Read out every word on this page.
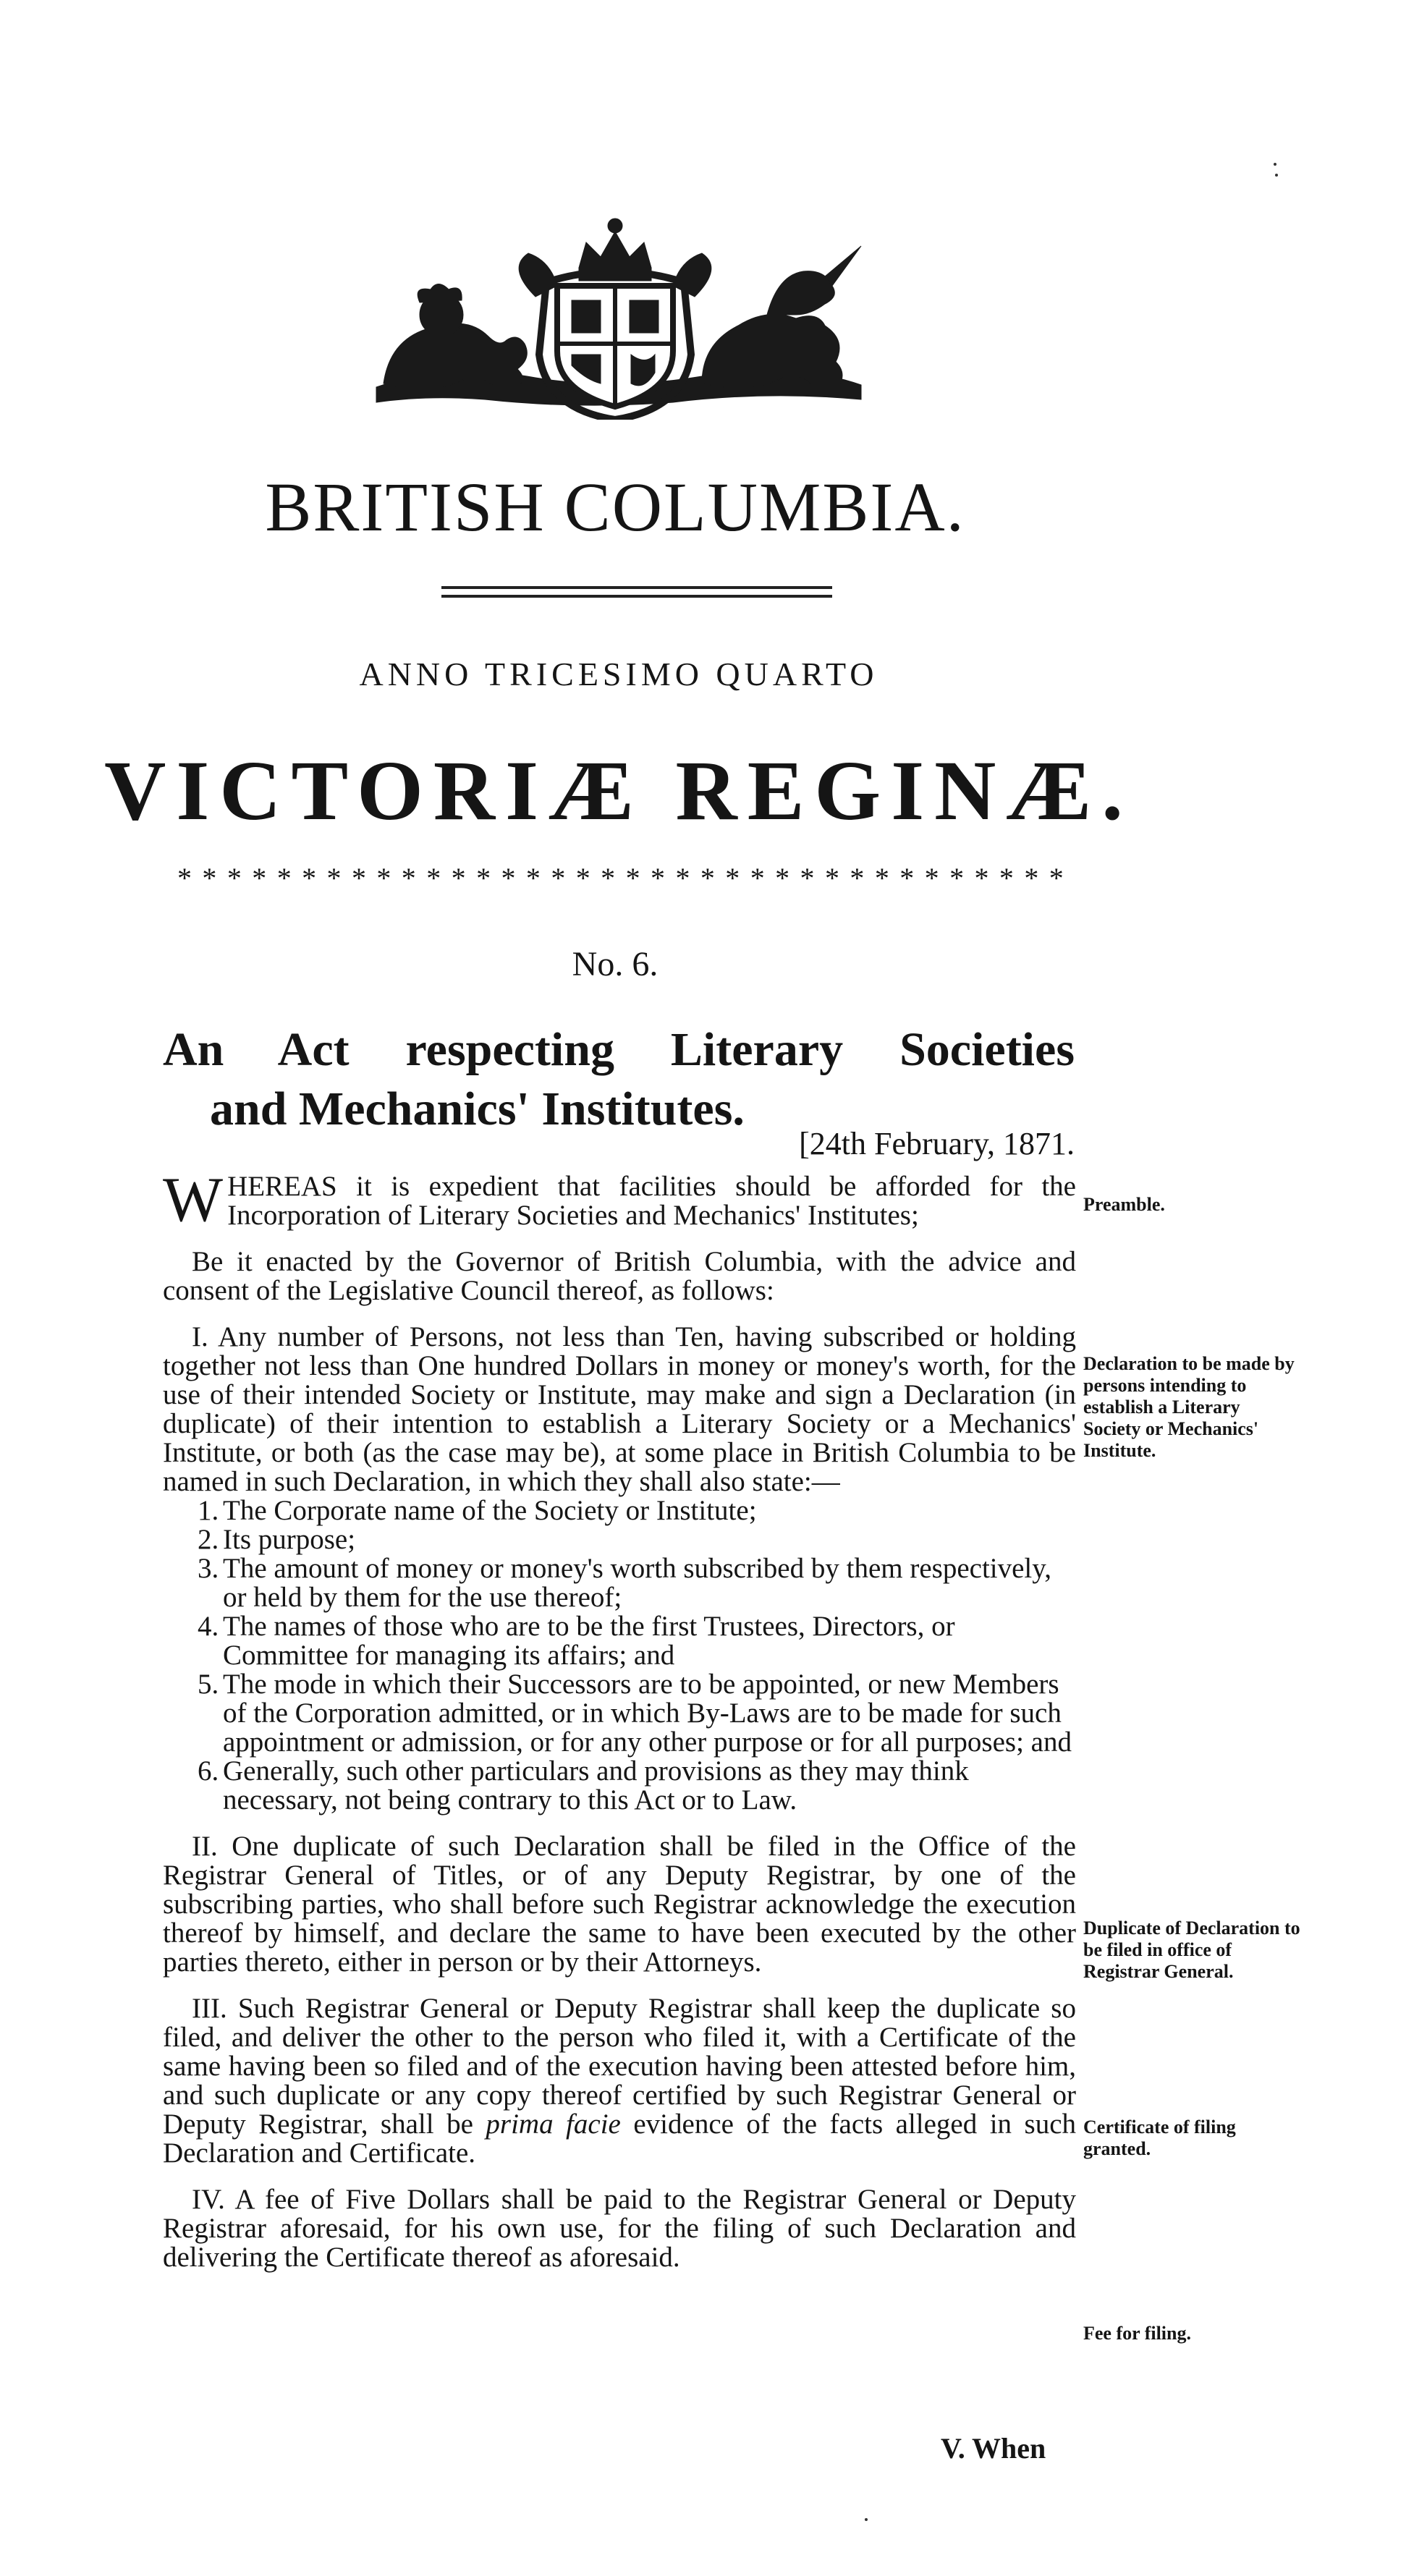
BRITISH COLUMBIA.
ANNO TRICESIMO QUARTO
VICTORIÆ REGINÆ.
* * * * * * * * * * * * * * * * * * * * * * * * * * * * * * * * * * * *
No. 6.
An Act respecting Literary Societies
and Mechanics' Institutes.
[24th February, 1871.

WHEREAS it is expedient that facilities should be afforded for the Incorporation of Literary Societies and Mechanics' Institutes;

Be it enacted by the Governor of British Columbia, with the advice and consent of the Legislative Council thereof, as follows:

I. Any number of Persons, not less than Ten, having subscribed or holding together not less than One hundred Dollars in money or money's worth, for the use of their intended Society or Institute, may make and sign a Declaration (in duplicate) of their intention to establish a Literary Society or a Mechanics' Institute, or both (as the case may be), at some place in British Columbia to be named in such Declaration, in which they shall also state:—

1. The Corporate name of the Society or Institute;
2. Its purpose;
3. The amount of money or money's worth subscribed by them respectively, or held by them for the use thereof;
4. The names of those who are to be the first Trustees, Directors, or Committee for managing its affairs; and
5. The mode in which their Successors are to be appointed, or new Members of the Corporation admitted, or in which By-Laws are to be made for such appointment or admission, or for any other purpose or for all purposes; and
6. Generally, such other particulars and provisions as they may think necessary, not being contrary to this Act or to Law.

II. One duplicate of such Declaration shall be filed in the Office of the Registrar General of Titles, or of any Deputy Registrar, by one of the subscribing parties, who shall before such Registrar acknowledge the execution thereof by himself, and declare the same to have been executed by the other parties thereto, either in person or by their Attorneys.

III. Such Registrar General or Deputy Registrar shall keep the duplicate so filed, and deliver the other to the person who filed it, with a Certificate of the same having been so filed and of the execution having been attested before him, and such duplicate or any copy thereof certified by such Registrar General or Deputy Registrar, shall be prima facie evidence of the facts alleged in such Declaration and Certificate.

IV. A fee of Five Dollars shall be paid to the Registrar General or Deputy Registrar aforesaid, for his own use, for the filing of such Declaration and delivering the Certificate thereof as aforesaid.

V. When
Preamble.
Declaration to be made by persons intending to establish a Literary Society or Mechanics' Institute.
Duplicate of Declaration to be filed in office of Registrar General.
Certificate of filing granted.
Fee for filing.
